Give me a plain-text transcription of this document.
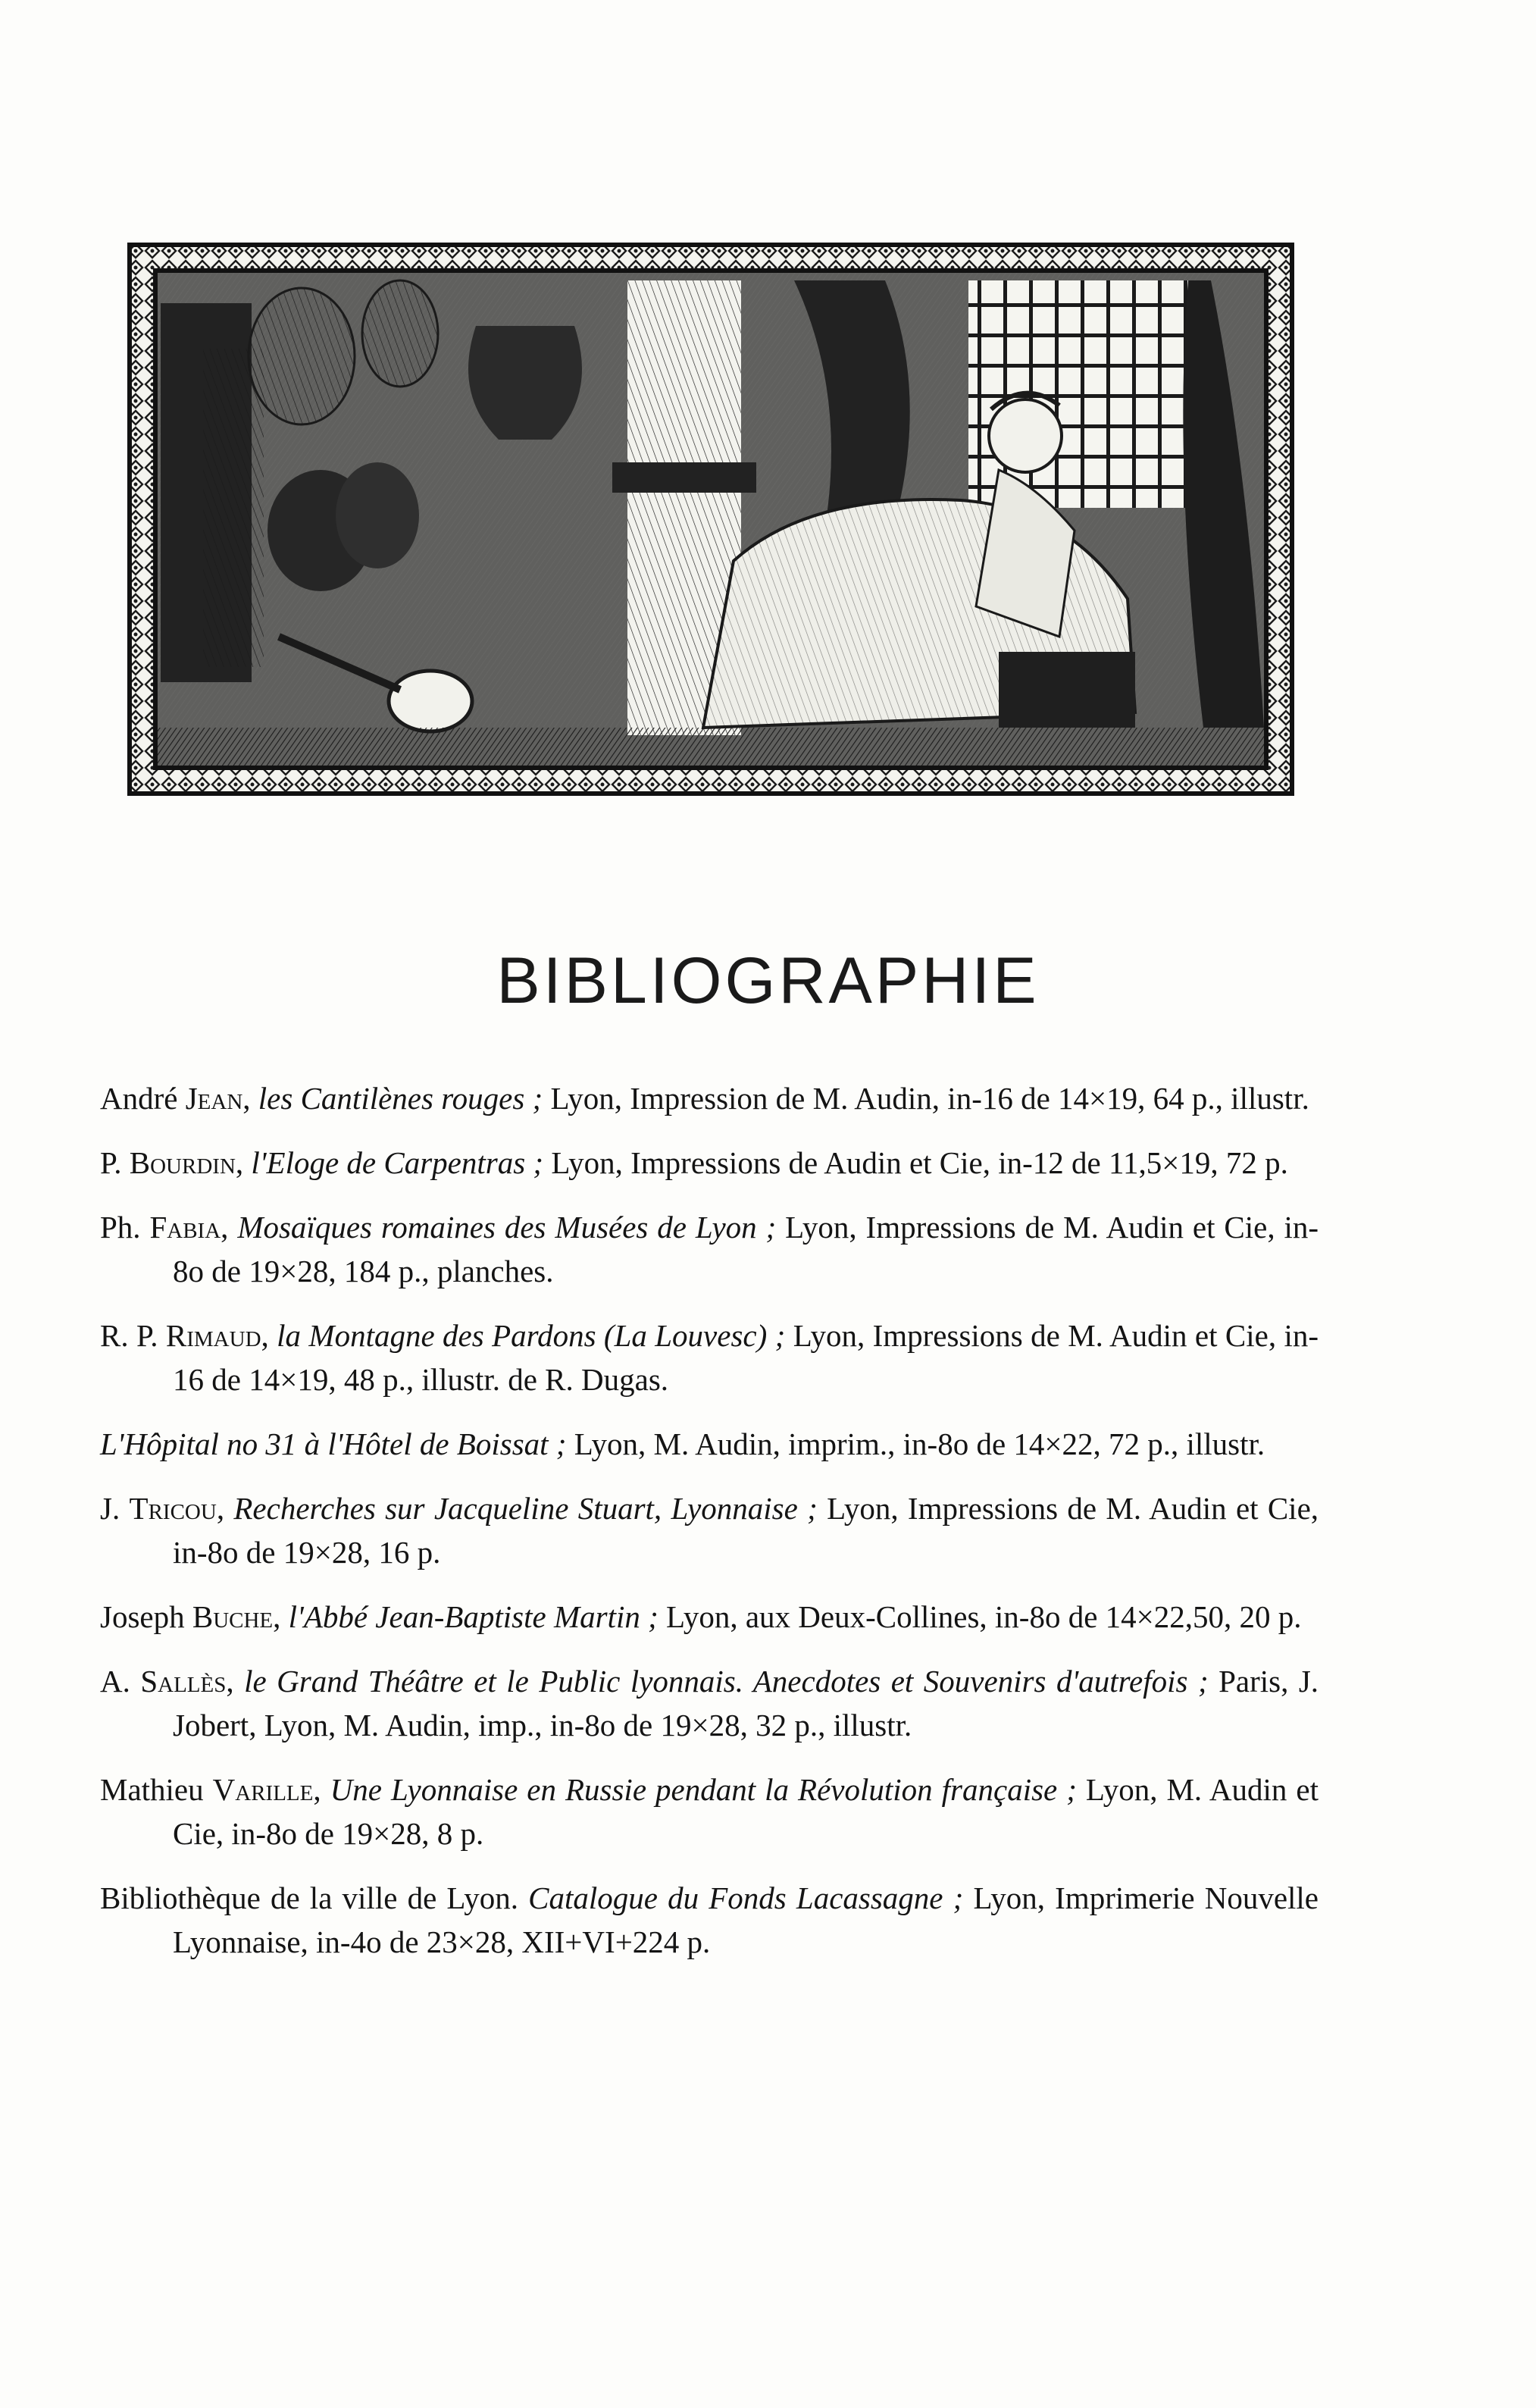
BIBLIOGRAPHIE

André Jean, les Cantilènes rouges ; Lyon, Impression de M. Audin, in-16 de 14×19, 64 p., illustr.

P. Bourdin, l'Eloge de Carpentras ; Lyon, Impressions de Audin et Cie, in-12 de 11,5×19, 72 p.

Ph. Fabia, Mosaïques romaines des Musées de Lyon ; Lyon, Impressions de M. Audin et Cie, in-8o de 19×28, 184 p., planches.

R. P. Rimaud, la Montagne des Pardons (La Louvesc) ; Lyon, Impressions de M. Audin et Cie, in-16 de 14×19, 48 p., illustr. de R. Dugas.

L'Hôpital no 31 à l'Hôtel de Boissat ; Lyon, M. Audin, imprim., in-8o de 14×22, 72 p., illustr.

J. Tricou, Recherches sur Jacqueline Stuart, Lyonnaise ; Lyon, Impressions de M. Audin et Cie, in-8o de 19×28, 16 p.

Joseph Buche, l'Abbé Jean-Baptiste Martin ; Lyon, aux Deux-Collines, in-8o de 14×22,50, 20 p.

A. Sallès, le Grand Théâtre et le Public lyonnais. Anecdotes et Souvenirs d'autrefois ; Paris, J. Jobert, Lyon, M. Audin, imp., in-8o de 19×28, 32 p., illustr.

Mathieu Varille, Une Lyonnaise en Russie pendant la Révolution française ; Lyon, M. Audin et Cie, in-8o de 19×28, 8 p.

Bibliothèque de la ville de Lyon. Catalogue du Fonds Lacassagne ; Lyon, Imprimerie Nouvelle Lyonnaise, in-4o de 23×28, XII+VI+224 p.
